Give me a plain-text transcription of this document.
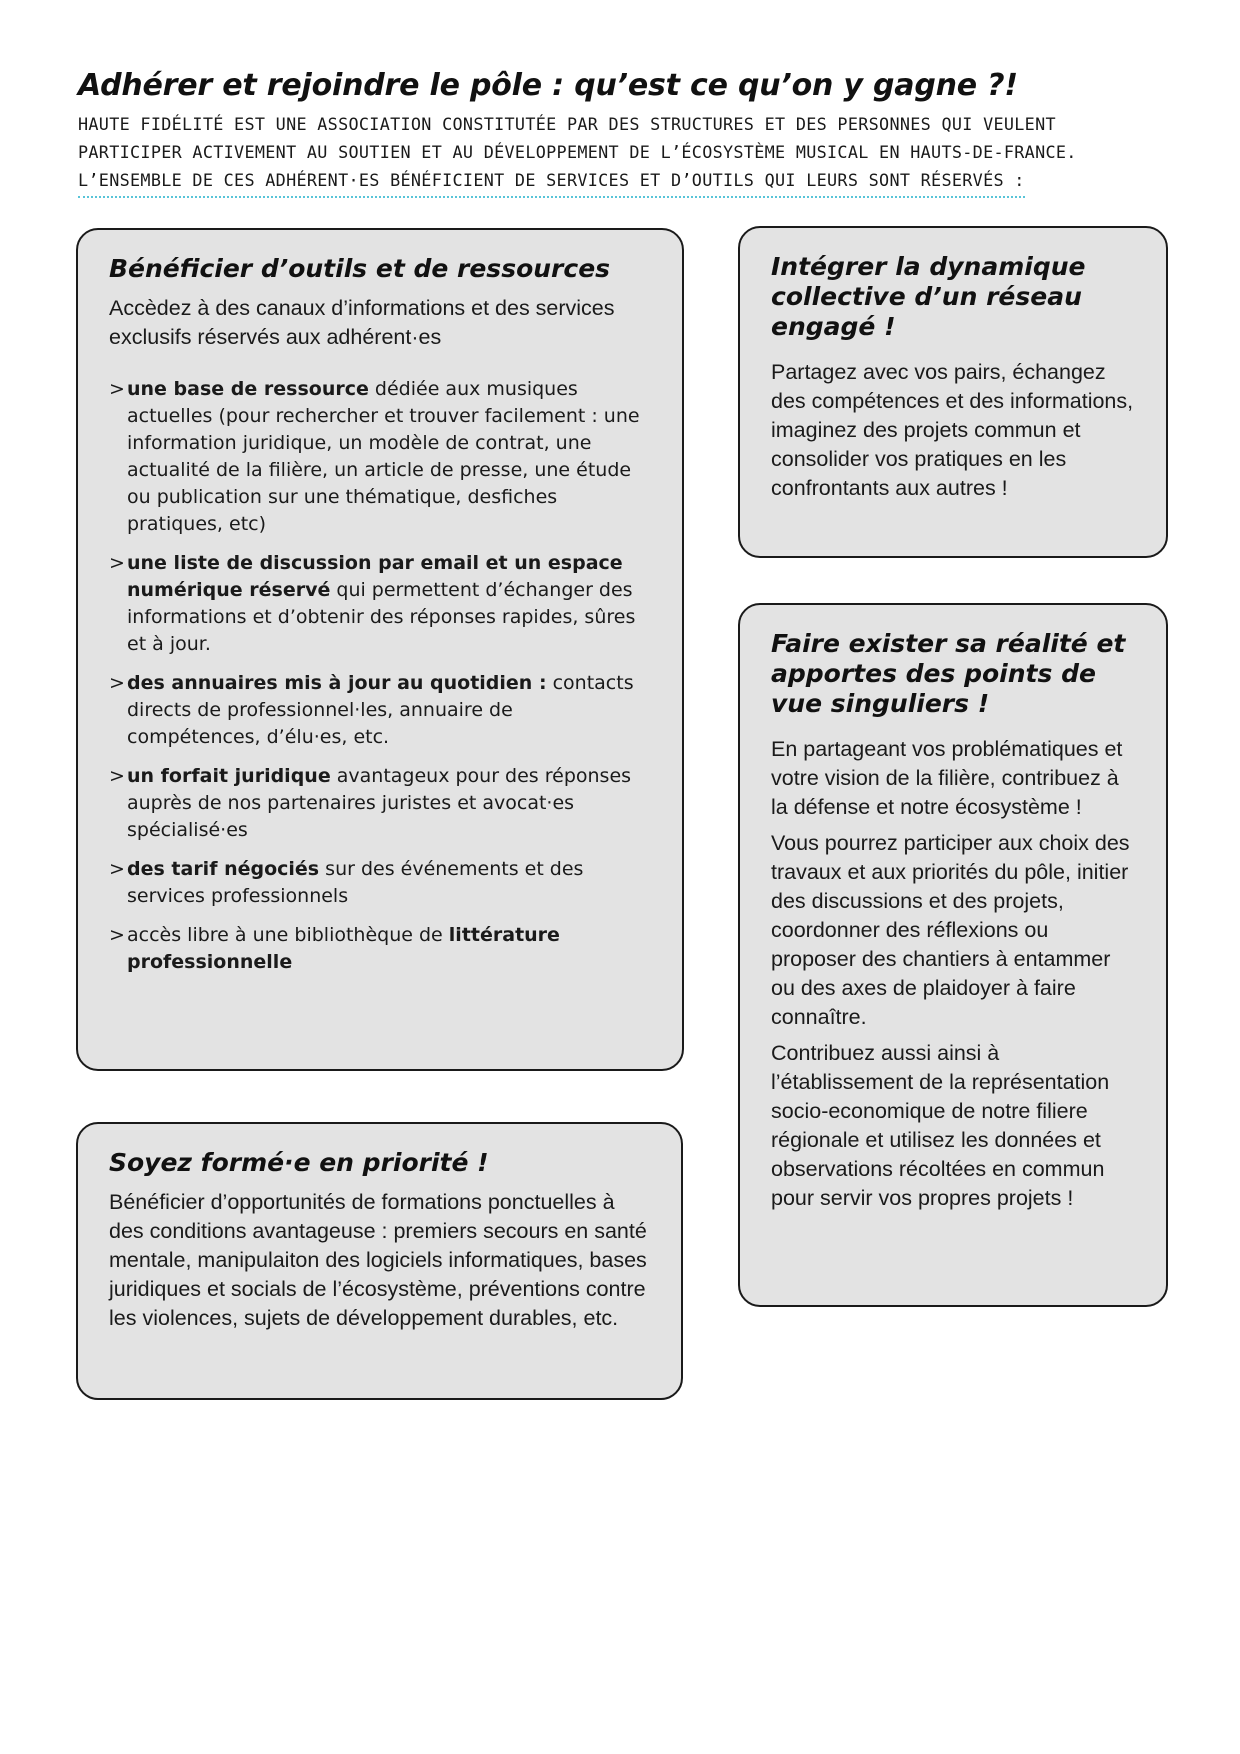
Adhérer et rejoindre le pôle : qu’est ce qu’on y gagne ?!
HAUTE FIDÉLITÉ EST UNE ASSOCIATION CONSTITUTÉE PAR DES STRUCTURES ET DES PERSONNES QUI VEULENT
PARTICIPER ACTIVEMENT AU SOUTIEN ET AU DÉVELOPPEMENT DE L’ÉCOSYSTÈME MUSICAL EN HAUTS-DE-FRANCE.
L’ENSEMBLE DE CES ADHÉRENT·ES BÉNÉFICIENT DE SERVICES ET D’OUTILS QUI LEURS SONT RÉSERVÉS :
Bénéficier d’outils et de ressources

Accèdez à des canaux d’informations et des services exclusifs réservés aux adhérent·es

> une base de ressource dédiée aux musiques actuelles (pour rechercher et trouver facilement : une information juridique, un modèle de contrat, une actualité de la filière, un article de presse, une étude ou publication sur une thématique, desfiches pratiques, etc)
> une liste de discussion par email et un espace numérique réservé qui permettent d’échanger des informations et d’obtenir des réponses rapides, sûres et à jour.
> des annuaires mis à jour au quotidien : contacts directs de professionnel·les, annuaire de compétences, d’élu·es, etc.
> un forfait juridique avantageux pour des réponses auprès de nos partenaires juristes et avocat·es spécialisé·es
> des tarif négociés sur des événements et des services professionnels
> accès libre à une bibliothèque de littérature professionnelle
Soyez formé·e en priorité !

Bénéficier d’opportunités de formations ponctuelles à des conditions avantageuse : premiers secours en santé mentale, manipulaiton des logiciels informatiques, bases juridiques et socials de l’écosystème, préventions contre les violences, sujets de développement durables, etc.

Intégrer la dynamique collective d’un réseau engagé !

Partagez avec vos pairs, échangez des compétences et des informations, imaginez des projets commun et consolider vos pratiques en les confrontants aux autres !

Faire exister sa réalité et apportes des points de vue singuliers !

En partageant vos problématiques et votre vision de la filière, contribuez à la défense et notre écosystème !

Vous pourrez participer aux choix des travaux et aux priorités du pôle, initier des discussions et des projets, coordonner des réflexions ou proposer des chantiers à entammer ou des axes de plaidoyer à faire connaître.

Contribuez aussi ainsi à l’établissement de la représentation socio-economique de notre filiere régionale et utilisez les données et observations récoltées en commun pour servir vos propres projets !
